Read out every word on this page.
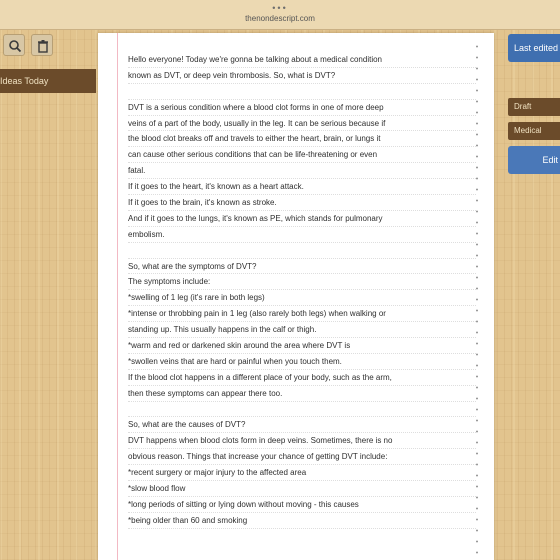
•••
thenondescript.com
Ideas Today
Hello everyone! Today we're gonna be talking about a medical condition
known as DVT, or deep vein thrombosis. So, what is DVT?
DVT is a serious condition where a blood clot forms in one of more deep
veins of a part of the body, usually in the leg. It can be serious because if
the blood clot breaks off and travels to either the heart, brain, or lungs it
can cause other serious conditions that can be life-threatening or even
fatal.
If it goes to the heart, it's known as a heart attack.
If it goes to the brain, it's known as stroke.
And if it goes to the lungs, it's known as PE, which stands for pulmonary
embolism.
So, what are the symptoms of DVT?
The symptoms include:
*swelling of 1 leg (it's rare in both legs)
*intense or throbbing pain in 1 leg (also rarely both legs) when walking or
standing up. This usually happens in the calf or thigh.
*warm and red or darkened skin around the area where DVT is
*swollen veins that are hard or painful when you touch them.
If the blood clot happens in a different place of your body, such as the arm,
then these symptoms can appear there too.
So, what are the causes of DVT?
DVT happens when blood clots form in deep veins. Sometimes, there is no
obvious reason. Things that increase your chance of getting DVT include:
*recent surgery or major injury to the affected area
*slow blood flow
*long periods of sitting or lying down without moving - this causes
*being older than 60 and smoking
Last edited
Draft
Medical
Edit
